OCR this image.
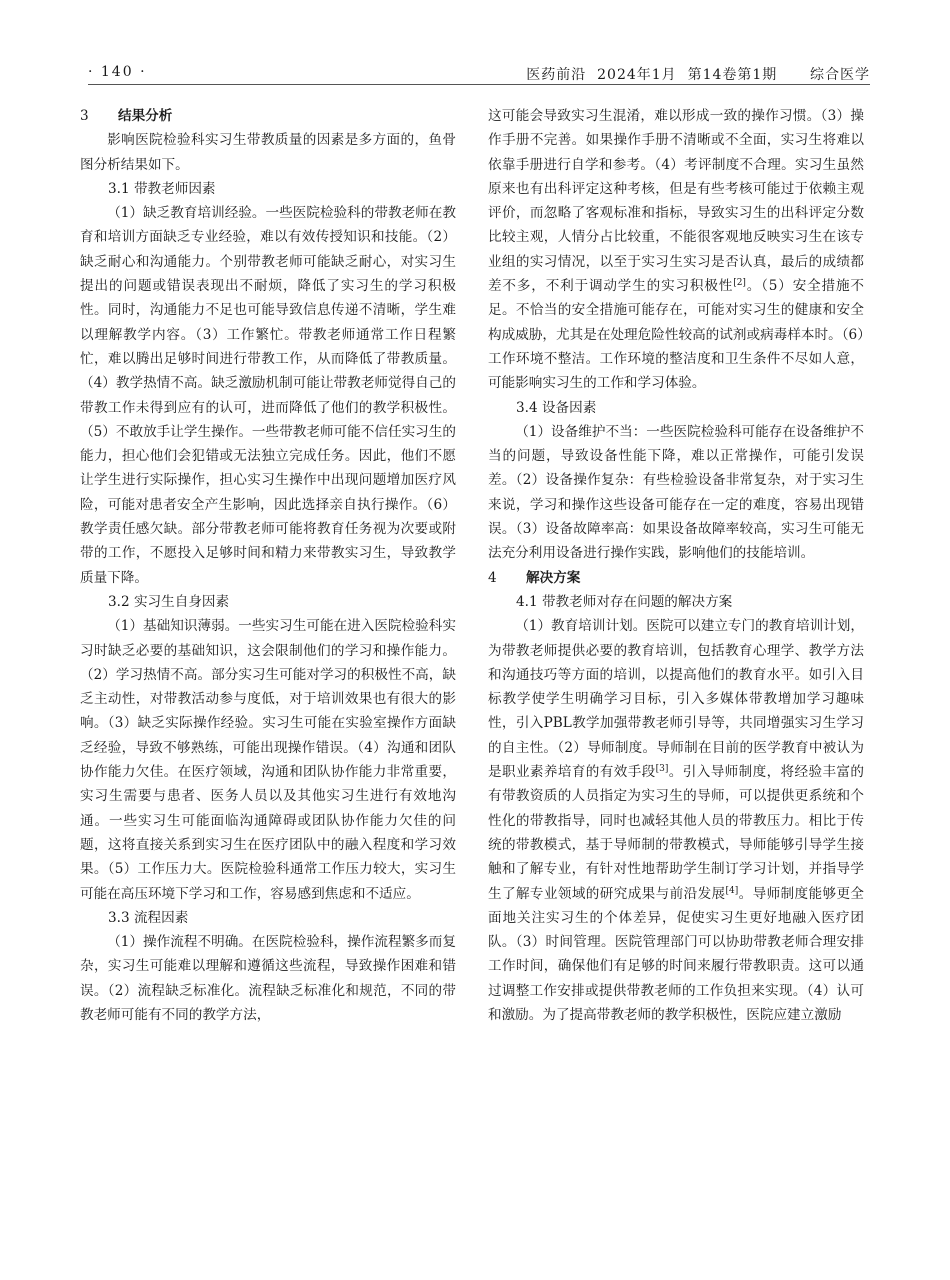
· 140 ·	医药前沿  2024年1月  第14卷第1期      综合医学
3 结果分析

影响医院检验科实习生带教质量的因素是多方面的，鱼骨图分析结果如下。

3.1 带教老师因素

（1）缺乏教育培训经验。一些医院检验科的带教老师在教育和培训方面缺乏专业经验，难以有效传授知识和技能。（2）缺乏耐心和沟通能力。个别带教老师可能缺乏耐心，对实习生提出的问题或错误表现出不耐烦，降低了实习生的学习积极性。同时，沟通能力不足也可能导致信息传递不清晰，学生难以理解教学内容。（3）工作繁忙。带教老师通常工作日程繁忙，难以腾出足够时间进行带教工作，从而降低了带教质量。（4）教学热情不高。缺乏激励机制可能让带教老师觉得自己的带教工作未得到应有的认可，进而降低了他们的教学积极性。（5）不敢放手让学生操作。一些带教老师可能不信任实习生的能力，担心他们会犯错或无法独立完成任务。因此，他们不愿让学生进行实际操作，担心实习生操作中出现问题增加医疗风险，可能对患者安全产生影响，因此选择亲自执行操作。（6）教学责任感欠缺。部分带教老师可能将教育任务视为次要或附带的工作，不愿投入足够时间和精力来带教实习生，导致教学质量下降。

3.2 实习生自身因素

（1）基础知识薄弱。一些实习生可能在进入医院检验科实习时缺乏必要的基础知识，这会限制他们的学习和操作能力。（2）学习热情不高。部分实习生可能对学习的积极性不高，缺乏主动性，对带教活动参与度低，对于培训效果也有很大的影响。（3）缺乏实际操作经验。实习生可能在实验室操作方面缺乏经验，导致不够熟练，可能出现操作错误。（4）沟通和团队协作能力欠佳。在医疗领域，沟通和团队协作能力非常重要，实习生需要与患者、医务人员以及其他实习生进行有效地沟通。一些实习生可能面临沟通障碍或团队协作能力欠佳的问题，这将直接关系到实习生在医疗团队中的融入程度和学习效果。（5）工作压力大。医院检验科通常工作压力较大，实习生可能在高压环境下学习和工作，容易感到焦虑和不适应。

3.3 流程因素

（1）操作流程不明确。在医院检验科，操作流程繁多而复杂，实习生可能难以理解和遵循这些流程，导致操作困难和错误。（2）流程缺乏标准化。流程缺乏标准化和规范，不同的带教老师可能有不同的教学方法，

这可能会导致实习生混淆，难以形成一致的操作习惯。（3）操作手册不完善。如果操作手册不清晰或不全面，实习生将难以依靠手册进行自学和参考。（4）考评制度不合理。实习生虽然原来也有出科评定这种考核，但是有些考核可能过于依赖主观评价，而忽略了客观标准和指标，导致实习生的出科评定分数比较主观，人情分占比较重，不能很客观地反映实习生在该专业组的实习情况，以至于实习生实习是否认真，最后的成绩都差不多，不利于调动学生的实习积极性[2]。（5）安全措施不足。不恰当的安全措施可能存在，可能对实习生的健康和安全构成威胁，尤其是在处理危险性较高的试剂或病毒样本时。（6）工作环境不整洁。工作环境的整洁度和卫生条件不尽如人意，可能影响实习生的工作和学习体验。

3.4 设备因素

（1）设备维护不当：一些医院检验科可能存在设备维护不当的问题，导致设备性能下降，难以正常操作，可能引发误差。（2）设备操作复杂：有些检验设备非常复杂，对于实习生来说，学习和操作这些设备可能存在一定的难度，容易出现错误。（3）设备故障率高：如果设备故障率较高，实习生可能无法充分利用设备进行操作实践，影响他们的技能培训。

4 解决方案
4.1 带教老师对存在问题的解决方案

（1）教育培训计划。医院可以建立专门的教育培训计划，为带教老师提供必要的教育培训，包括教育心理学、教学方法和沟通技巧等方面的培训，以提高他们的教育水平。如引入目标教学使学生明确学习目标，引入多媒体带教增加学习趣味性，引入PBL教学加强带教老师引导等，共同增强实习生学习的自主性。（2）导师制度。导师制在目前的医学教育中被认为是职业素养培育的有效手段[3]。引入导师制度，将经验丰富的有带教资质的人员指定为实习生的导师，可以提供更系统和个性化的带教指导，同时也减轻其他人员的带教压力。相比于传统的带教模式，基于导师制的带教模式，导师能够引导学生接触和了解专业，有针对性地帮助学生制订学习计划，并指导学生了解专业领域的研究成果与前沿发展[4]。导师制度能够更全面地关注实习生的个体差异，促使实习生更好地融入医疗团队。（3）时间管理。医院管理部门可以协助带教老师合理安排工作时间，确保他们有足够的时间来履行带教职责。这可以通过调整工作安排或提供带教老师的工作负担来实现。（4）认可和激励。为了提高带教老师的教学积极性，医院应建立激励
